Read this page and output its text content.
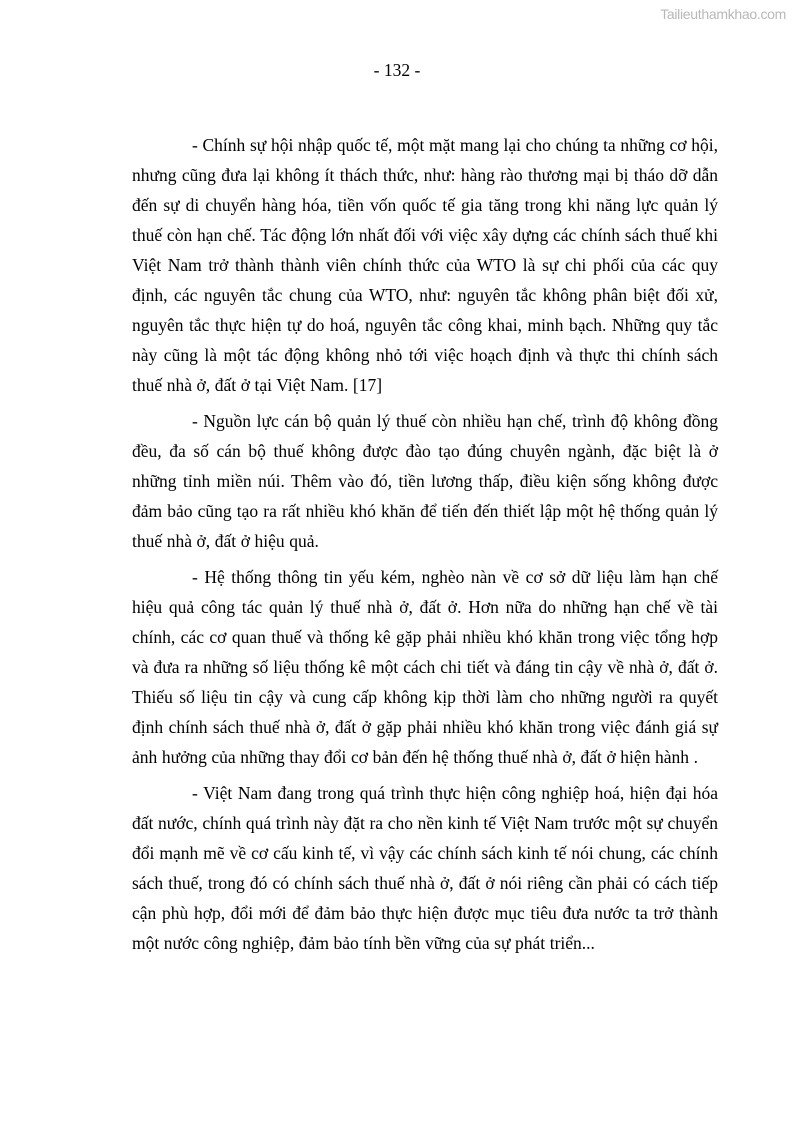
Tailieuthamkhao.com
- 132 -

- Chính sự hội nhập quốc tế, một mặt mang lại cho chúng ta những cơ hội, nhưng cũng đưa lại không ít thách thức, như: hàng rào thương mại bị tháo dỡ dẫn đến sự di chuyển hàng hóa, tiền vốn quốc tế gia tăng trong khi năng lực quản lý thuế còn hạn chế. Tác động lớn nhất đối với việc xây dựng các chính sách thuế khi Việt Nam trở thành thành viên chính thức của WTO là sự chi phối của các quy định, các nguyên tắc chung của WTO, như: nguyên tắc không phân biệt đối xử, nguyên tắc thực hiện tự do hoá, nguyên tắc công khai, minh bạch. Những quy tắc này cũng là một tác động không nhỏ tới việc hoạch định và thực thi chính sách thuế nhà ở, đất ở tại Việt Nam. [17]

- Nguồn lực cán bộ quản lý thuế còn nhiều hạn chế, trình độ không đồng đều, đa số cán bộ thuế không được đào tạo đúng chuyên ngành, đặc biệt là ở những tỉnh miền núi. Thêm vào đó, tiền lương thấp, điều kiện sống không được đảm bảo cũng tạo ra rất nhiều khó khăn để tiến đến thiết lập một hệ thống quản lý thuế nhà ở, đất ở hiệu quả.

- Hệ thống thông tin yếu kém, nghèo nàn về cơ sở dữ liệu làm hạn chế hiệu quả công tác quản lý thuế nhà ở, đất ở. Hơn nữa do những hạn chế về tài chính, các cơ quan thuế và thống kê gặp phải nhiều khó khăn trong việc tổng hợp và đưa ra những số liệu thống kê một cách chi tiết và đáng tin cậy về nhà ở, đất ở. Thiếu số liệu tin cậy và cung cấp không kịp thời làm cho những người ra quyết định chính sách thuế nhà ở, đất ở gặp phải nhiều khó khăn trong việc đánh giá sự ảnh hưởng của những thay đổi cơ bản đến hệ thống thuế nhà ở, đất ở hiện hành .

- Việt Nam đang trong quá trình thực hiện công nghiệp hoá, hiện đại hóa đất nước, chính quá trình này đặt ra cho nền kinh tế Việt Nam trước một sự chuyển đổi mạnh mẽ về cơ cấu kinh tế, vì vậy các chính sách kinh tế nói chung, các chính sách thuế, trong đó có chính sách thuế nhà ở, đất ở nói riêng cần phải có cách tiếp cận phù hợp, đổi mới để đảm bảo thực hiện được mục tiêu đưa nước ta trở thành một nước công nghiệp, đảm bảo tính bền vững của sự phát triển...
